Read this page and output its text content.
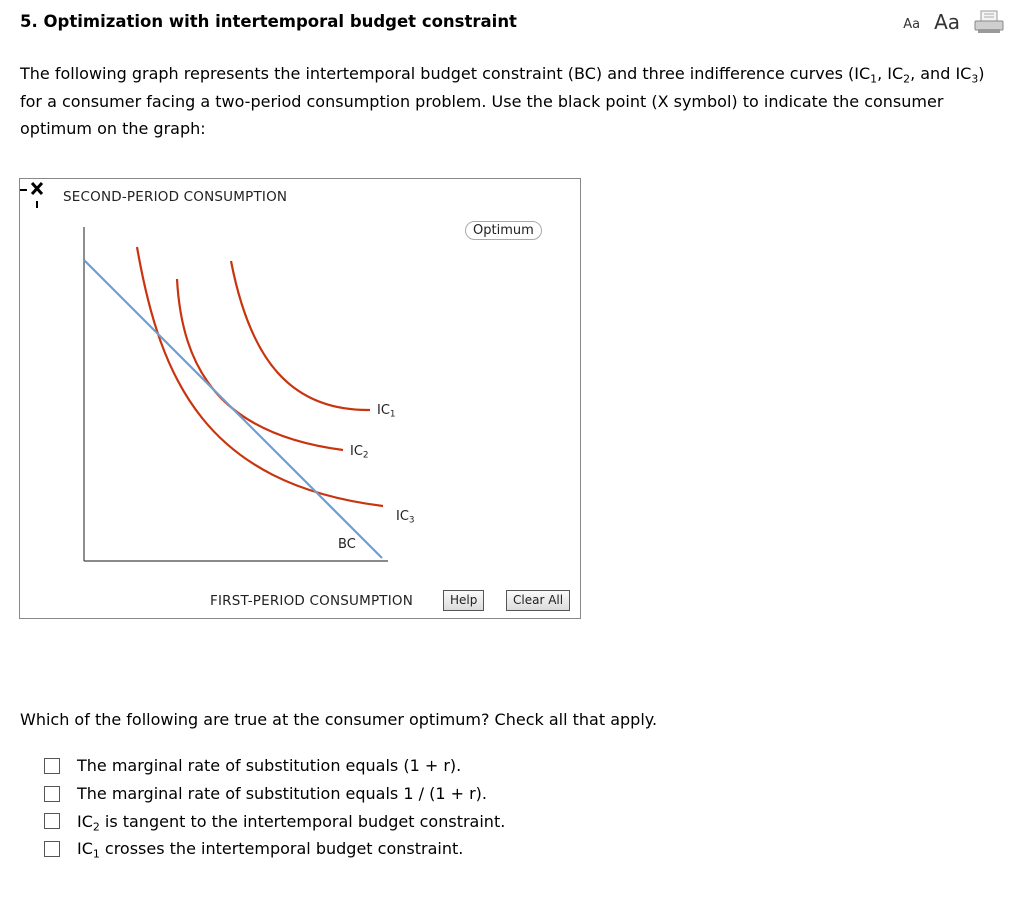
5. Optimization with intertemporal budget constraint	Aa Aa

The following graph represents the intertemporal budget constraint (BC) and three indifference curves ($IC_1$, $IC_2$, and $IC_3$) for a consumer facing a two-period consumption problem. Use the black point (X symbol) to indicate the consumer optimum on the graph:

SECOND-PERIOD CONSUMPTION
FIRST-PERIOD CONSUMPTION
$IC_1$
$IC_2$
$IC_3$
BC
Optimum
Help	Clear All

Which of the following are true at the consumer optimum? Check all that apply.

The marginal rate of substitution equals (1 + r).
The marginal rate of substitution equals 1 / (1 + r).
$IC_2$ is tangent to the intertemporal budget constraint.
$IC_1$ crosses the intertemporal budget constraint.
